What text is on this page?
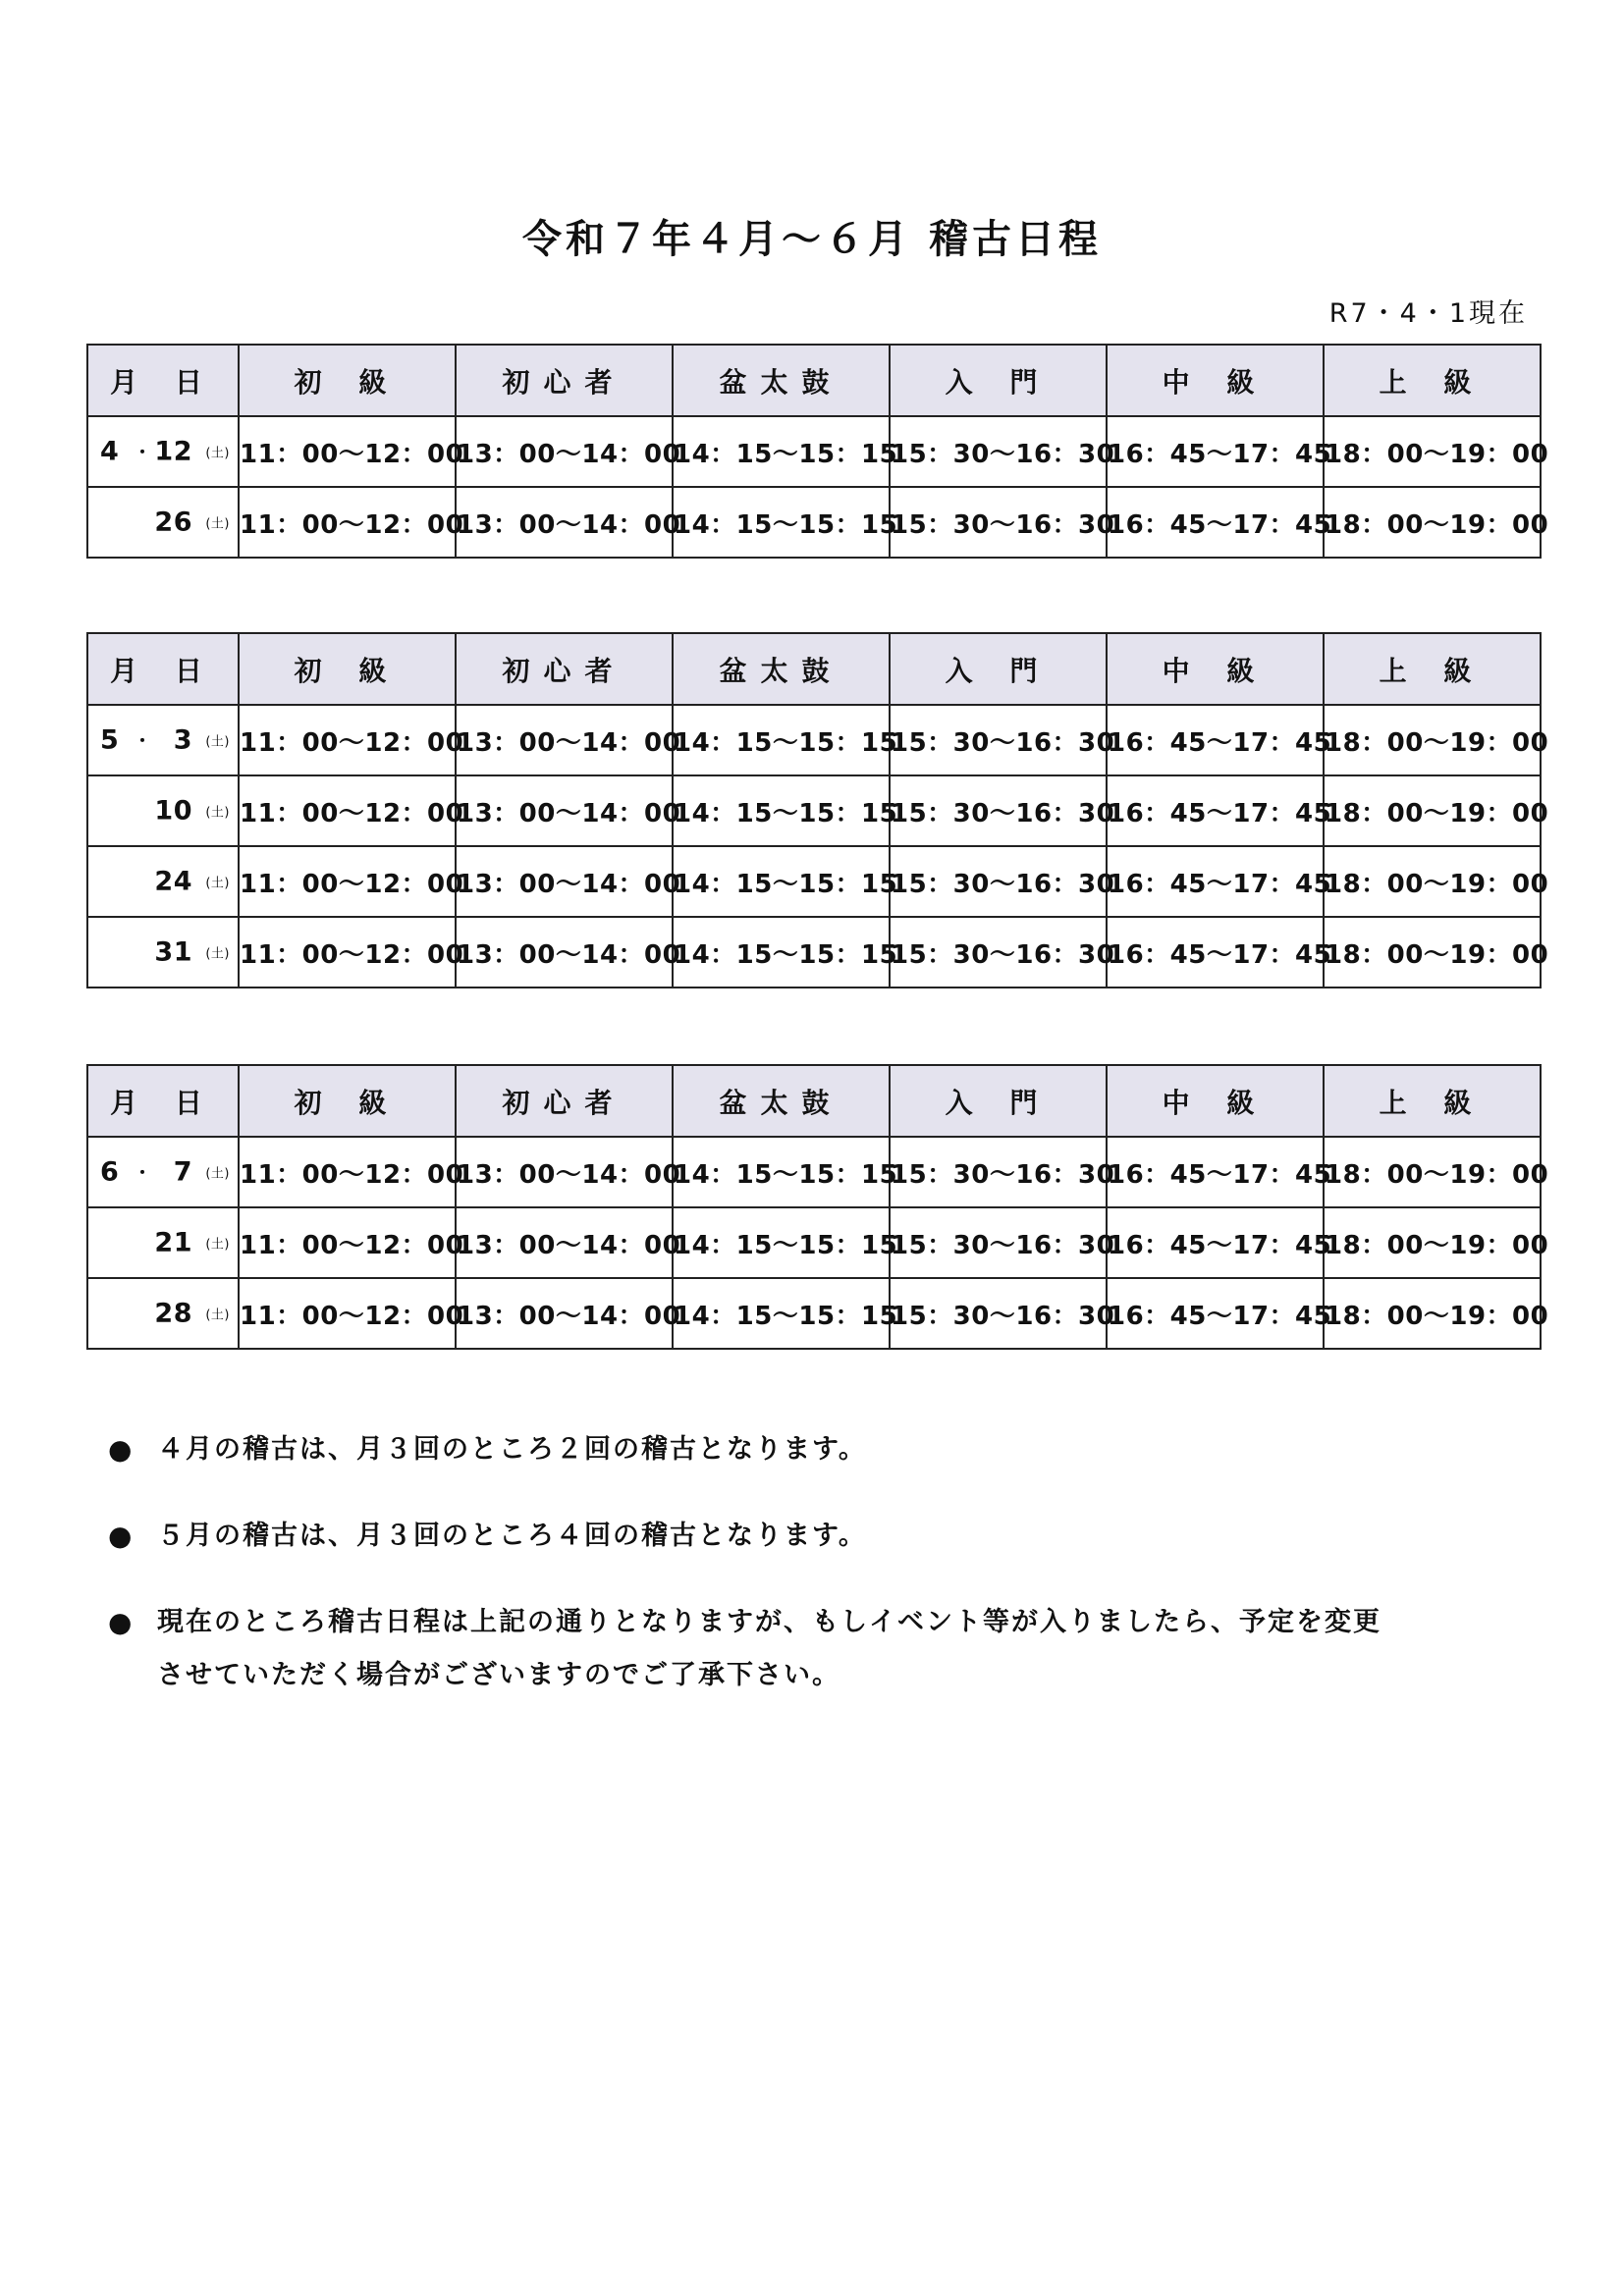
令和７年４月～６月 稽古日程
R7・4・1現在
月 日	初 級	初心者	盆太鼓	入 門	中 級	上 級

4 ・ 12 (土)	11：00～12：00	13：00～14：00	14：15～15：15	15：30～16：30	16：45～17：45	18：00～19：00

26 (土)	11：00～12：00	13：00～14：00	14：15～15：15	15：30～16：30	16：45～17：45	18：00～19：00
月 日	初 級	初心者	盆太鼓	入 門	中 級	上 級

5 ・ 3 (土)	11：00～12：00	13：00～14：00	14：15～15：15	15：30～16：30	16：45～17：45	18：00～19：00

10 (土)	11：00～12：00	13：00～14：00	14：15～15：15	15：30～16：30	16：45～17：45	18：00～19：00

24 (土)	11：00～12：00	13：00～14：00	14：15～15：15	15：30～16：30	16：45～17：45	18：00～19：00

31 (土)	11：00～12：00	13：00～14：00	14：15～15：15	15：30～16：30	16：45～17：45	18：00～19：00
月 日	初 級	初心者	盆太鼓	入 門	中 級	上 級

6 ・ 7 (土)	11：00～12：00	13：00～14：00	14：15～15：15	15：30～16：30	16：45～17：45	18：00～19：00

21 (土)	11：00～12：00	13：00～14：00	14：15～15：15	15：30～16：30	16：45～17：45	18：00～19：00

28 (土)	11：00～12：00	13：00～14：00	14：15～15：15	15：30～16：30	16：45～17：45	18：00～19：00
● ４月の稽古は、月３回のところ２回の稽古となります。
● ５月の稽古は、月３回のところ４回の稽古となります。
● 現在のところ稽古日程は上記の通りとなりますが、もしイベント等が入りましたら、予定を変更
させていただく場合がございますのでご了承下さい。
